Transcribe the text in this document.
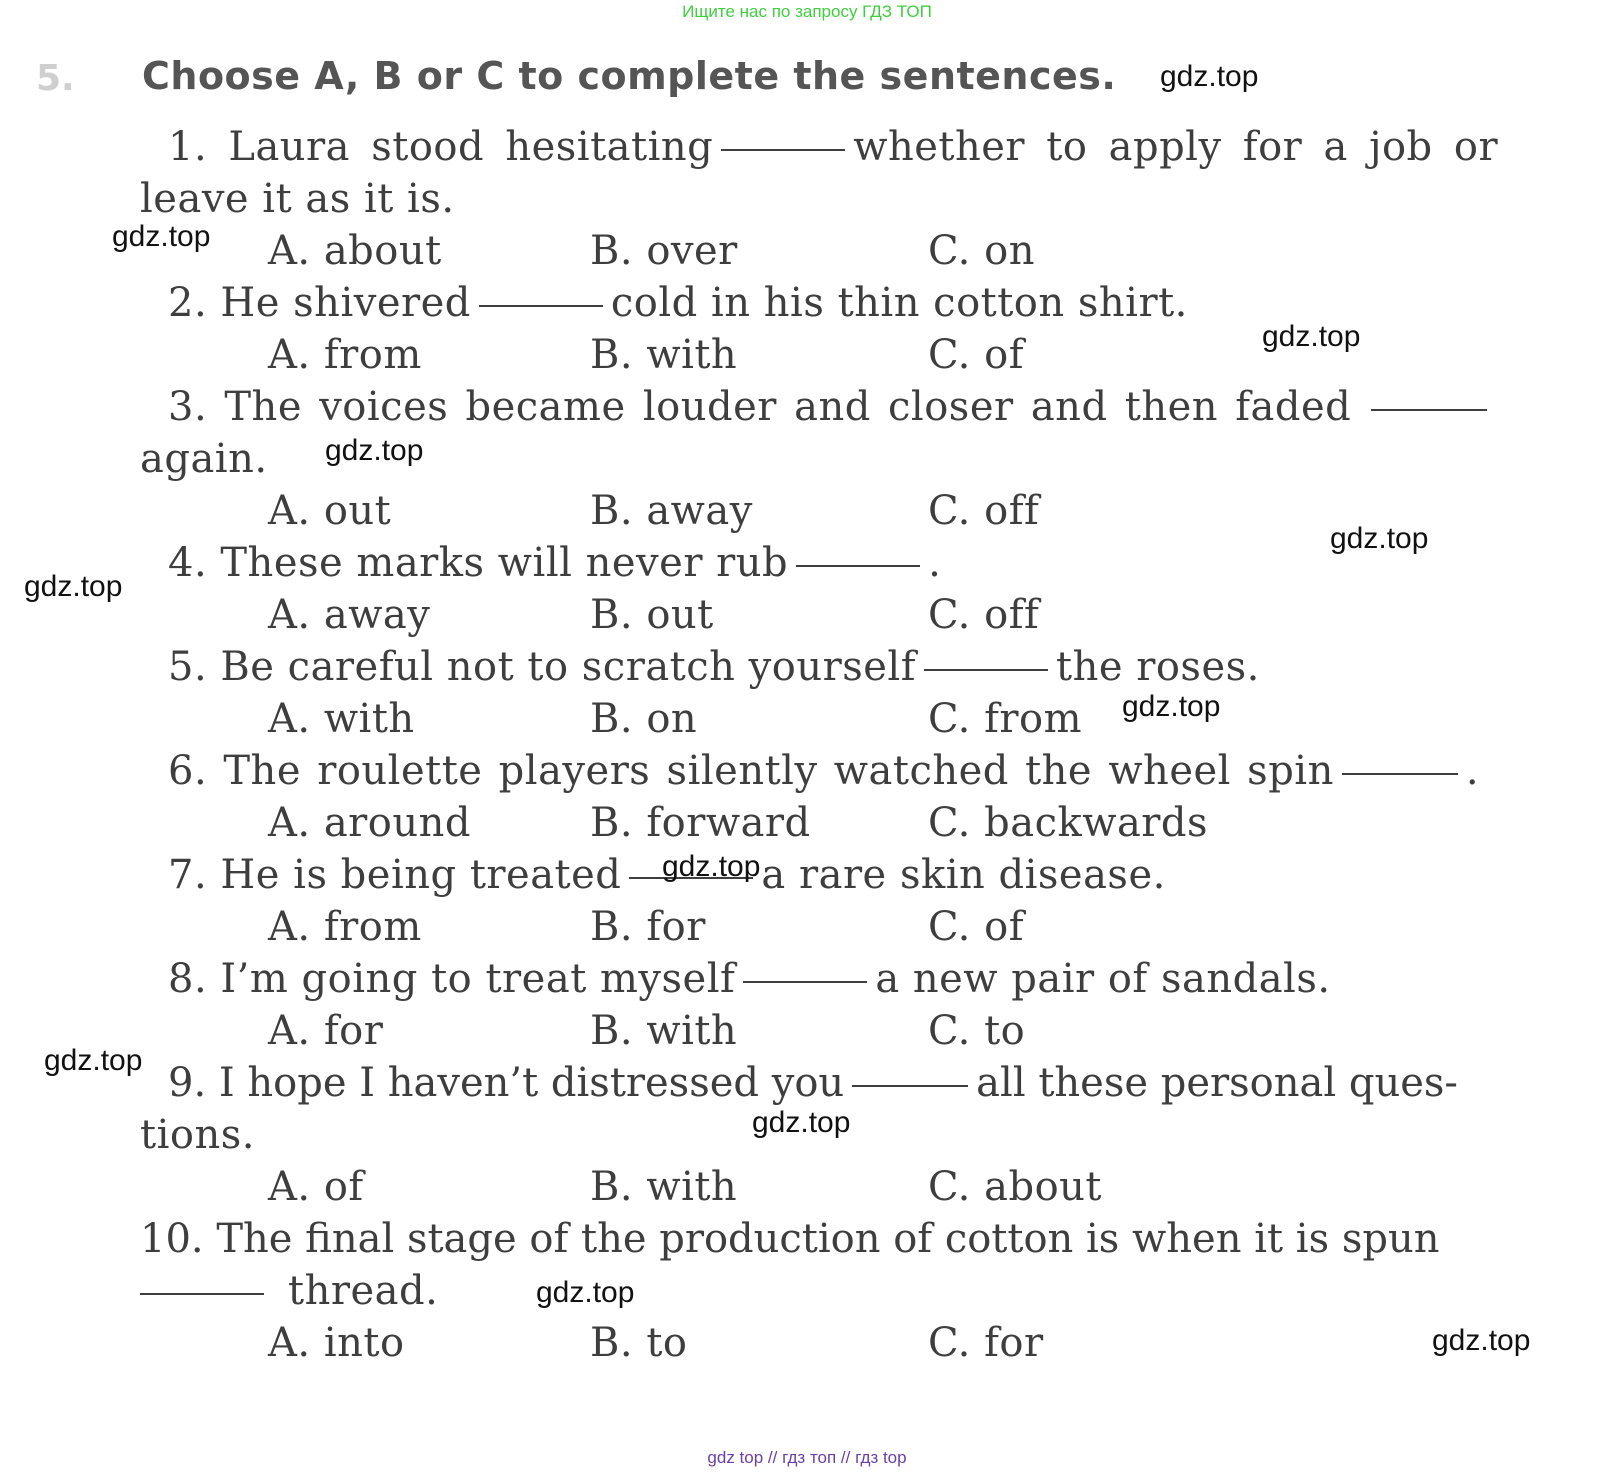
Ищите нас по запросу ГДЗ ТОП
5. Choose A, B or C to complete the sentences.
1. Laura stood hesitating	whether to apply for a job or
leave it as it is.
A. about	B. over	C. on
2. He shivered	cold in his thin cotton shirt.
A. from	B. with	C. of
3. The voices became louder and closer and then faded
again.
A. out	B. away	C. off
4. These marks will never rub	.
A. away	B. out	C. off
5. Be careful not to scratch yourself	the roses.
A. with	B. on	C. from
6. The roulette players silently watched the wheel spin	.
A. around	B. forward	C. backwards
7. He is being treated	a rare skin disease.
A. from	B. for	C. of
8. I’m going to treat myself	a new pair of sandals.
A. for	B. with	C. to
9. I hope I haven’t distressed you	all these personal ques-
tions.
A. of	B. with	C. about
10. The final stage of the production of cotton is when it is spun
thread.
A. into	B. to	C. for
gdz.top
gdz.top
gdz.top
gdz.top
gdz.top
gdz.top
gdz.top
gdz.top
gdz.top
gdz.top
gdz.top
gdz.top
gdz top // гдз топ // гдз top
